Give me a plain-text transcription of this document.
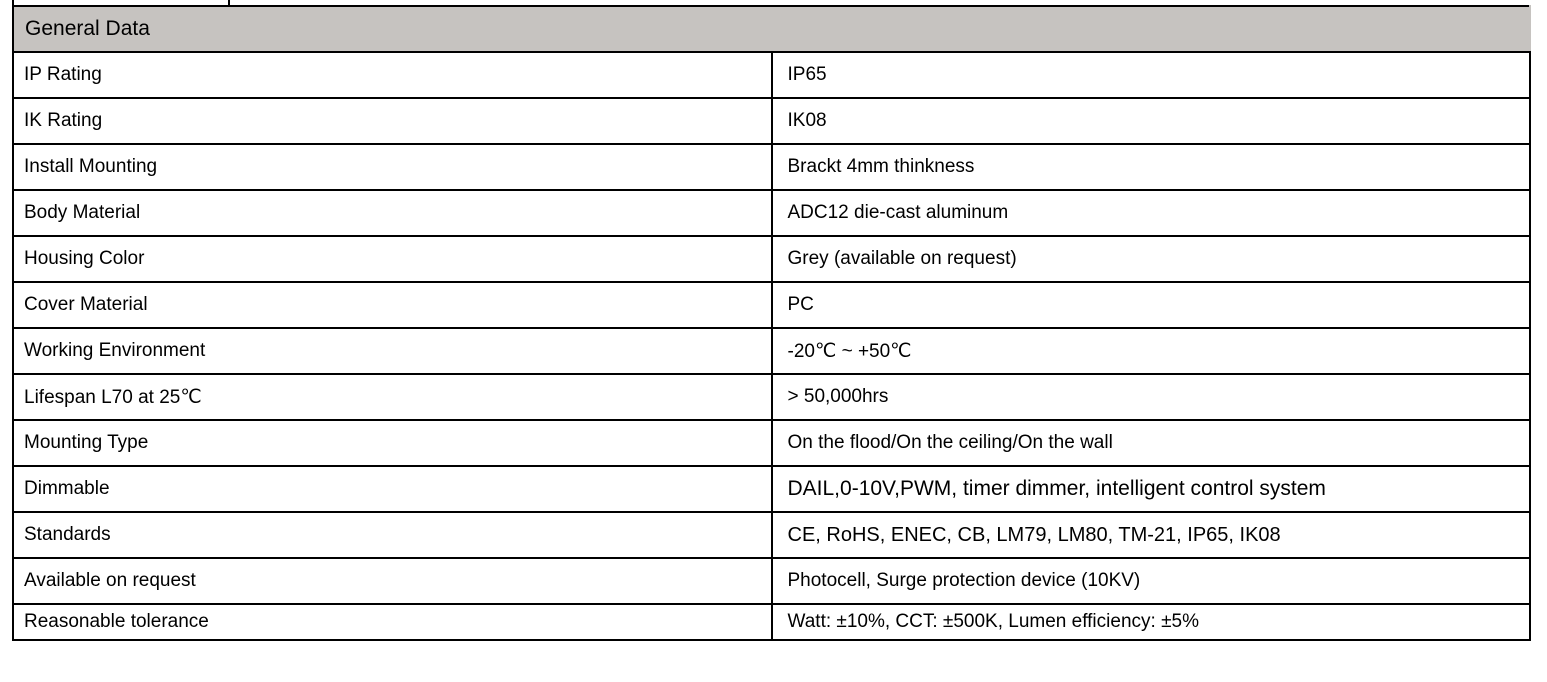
General Data	
IP Rating	IP65
IK Rating	IK08
Install Mounting	Brackt 4mm thinkness
Body Material	ADC12 die-cast aluminum
Housing Color	Grey (available on request)
Cover Material	PC
Working Environment	-20℃ ~ +50℃
Lifespan L70 at 25℃	> 50,000hrs
Mounting Type	On the flood/On the ceiling/On the wall
Dimmable	DAIL,0-10V,PWM, timer dimmer, intelligent control system
Standards	CE, RoHS, ENEC, CB, LM79, LM80, TM-21, IP65, IK08
Available on request	Photocell, Surge protection device (10KV)
Reasonable tolerance	Watt: ±10%, CCT: ±500K, Lumen efficiency: ±5%
